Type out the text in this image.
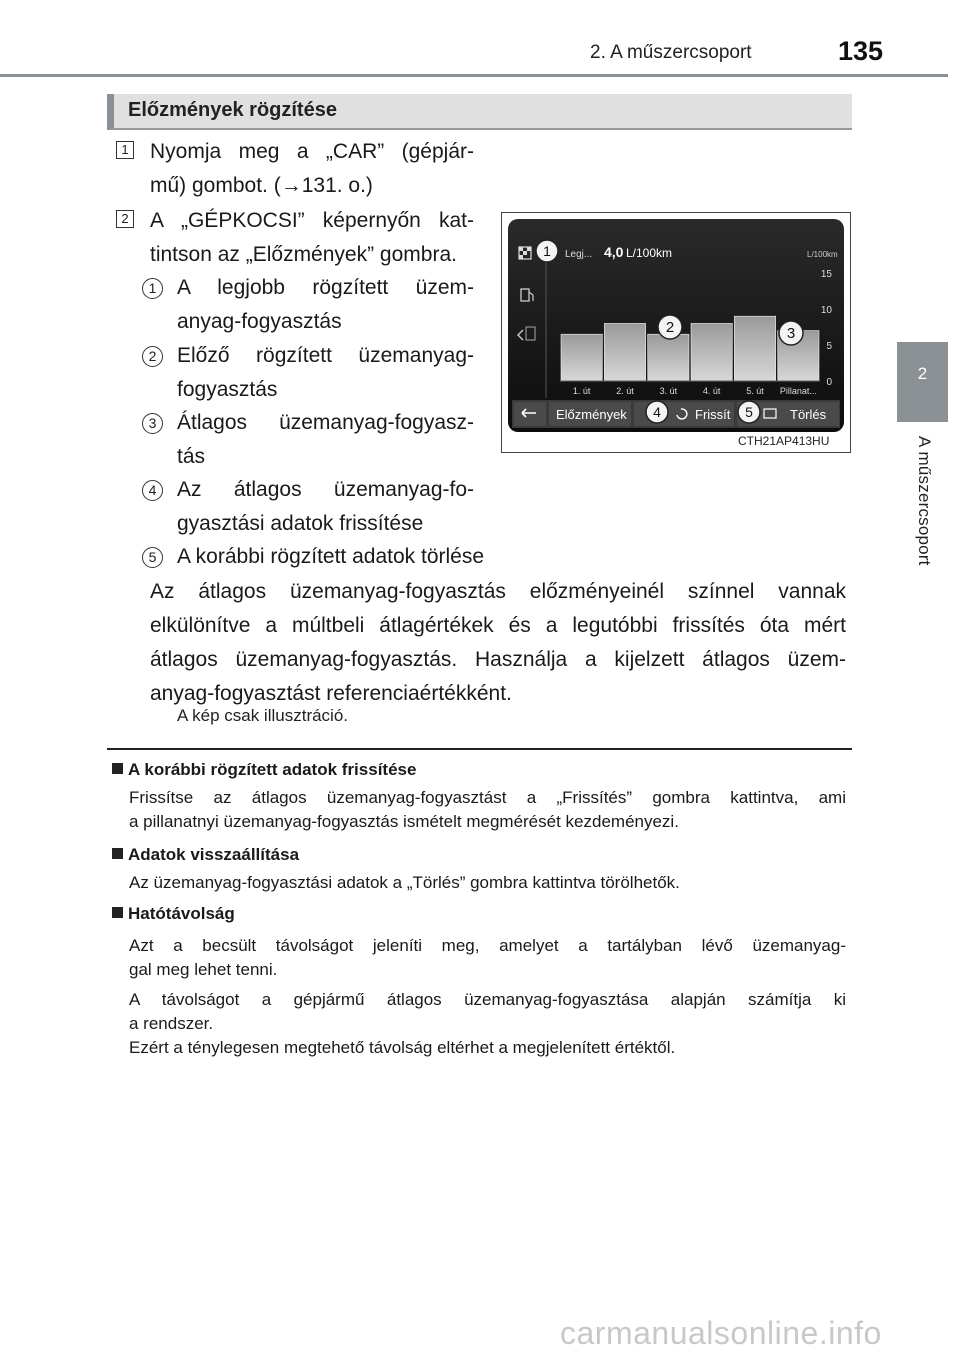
2. A műszercsoport	135
2
A műszercsoport
Előzmények rögzítése
1 Nyomja meg a „CAR” (gépjár-
mű) gombot. (→131. o.)
2 A „GÉPKOCSI” képernyőn kat-
tintson az „Előzmények” gombra.
1 A legjobb rögzített üzem-
anyag-fogyasztás
2 Előző rögzített üzemanyag-
fogyasztás
3 Átlagos üzemanyag-fogyasz-
tás
4 Az átlagos üzemanyag-fo-
gyasztási adatok frissítése
5 A korábbi rögzített adatok törlése
Legj... 4,0 L/100km	L/100km
15
10
5
0
1. út	2. út	3. út	4. út	5. út Pillanat...
Előzmények	Frissít	Törlés
1
2	3
4	5
CTH21AP413HU
Az átlagos üzemanyag-fogyasztás előzményeinél színnel vannak
elkülönítve a múltbeli átlagértékek és a legutóbbi frissítés óta mért
átlagos üzemanyag-fogyasztás. Használja a kijelzett átlagos üzem-
anyag-fogyasztást referenciaértékként.
A kép csak illusztráció.
A korábbi rögzített adatok frissítése
Frissítse az átlagos üzemanyag-fogyasztást a „Frissítés” gombra kattintva, ami
a pillanatnyi üzemanyag-fogyasztás ismételt megmérését kezdeményezi.
Adatok visszaállítása
Az üzemanyag-fogyasztási adatok a „Törlés” gombra kattintva törölhetők.
Hatótávolság
Azt a becsült távolságot jeleníti meg, amelyet a tartályban lévő üzemanyag-
gal meg lehet tenni.
A távolságot a gépjármű átlagos üzemanyag-fogyasztása alapján számítja ki
a rendszer.
Ezért a ténylegesen megtehető távolság eltérhet a megjelenített értéktől.
carmanualsonline.info
